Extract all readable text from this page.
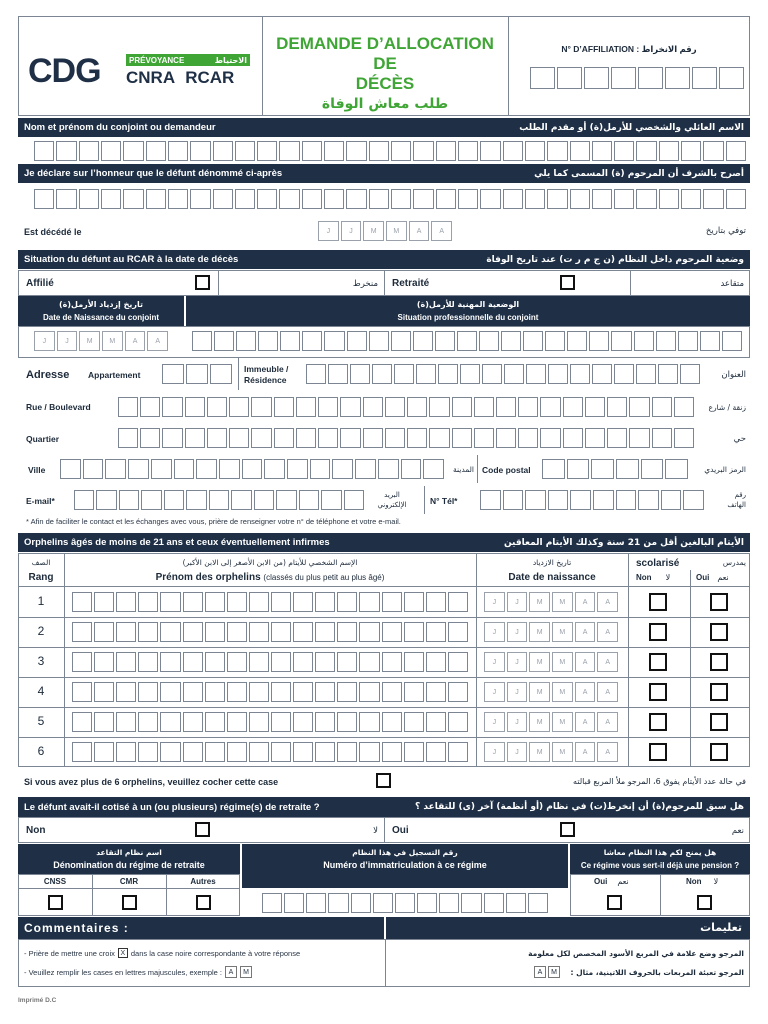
CDG	PRÉVOYANCE	الاحتياط
CNRA RCAR
DEMANDE D’ALLOCATION DE
DÉCÈS
طلب معاش الوفاة
N° D’AFFILIATION : رقم الانخراط
Nom et prénom du conjoint ou demandeur	الاسم العائلي والشخصي للأرمل(ة) أو مقدم الطلب
Je déclare sur l’honneur que le défunt dénommé ci-après	أصرح بالشرف أن المرحوم (ة) المسمى كما يلي
Est décédé le	J	J	M	M	A	A	توفي بتاريخ
Situation du défunt au RCAR à la date de décès	وضعية المرحوم داخل النظام (ن ج م ر ت) عند تاريخ الوفاة
Affilié	منخرط Retraité	متقاعد
تاريخ إزدياد الأرمل(ة)
Date de Naissance du conjoint
الوضعية المهنية للأرمل(ة)
Situation professionnelle du conjoint
J	J	M	M	A	A
Adresse Appartement
Immeuble /
Résidence	العنوان
Rue / Boulevard	زنقة / شارع
Quartier	حي
Ville	المدينة Code postal	الرمز البريدي
E-mail*
البريد
الإلكتروني	N° Tél*
رقم
الهاتف
* Afin de faciliter le contact et les échanges avec vous, prière de renseigner votre n° de téléphone et votre e-mail.
Orphelins âgés de moins de 21 ans et ceux éventuellement infirmes	الأيتام البالغين أقل من 21 سنة وكذلك الأيتام المعاقين
الصف
Rang
الإسم الشخصي للأيتام (من الابن الأصغر إلى الابن الأكبر)
Prénom des orphelins (classés du plus petit au plus âgé)
تاريخ الازدياد
Date de naissance
scolarisé	يمدرس
Non لا	Oui نعم
1	J	J	M	M	A	A
2	J	J	M	M	A	A
3	J	J	M	M	A	A
4	J	J	M	M	A	A
5	J	J	M	M	A	A
6	J	J	M	M	A	A
Si vous avez plus de 6 orphelins, veuillez cocher cette case	في حالة عدد الأيتام يفوق 6، المرجو ملأ المربع قبالته
Le défunt avait-il cotisé à un (ou plusieurs) régime(s) de retraite ?	هل سبق للمرحوم(ة) أن إنخرط(ت) في نظام (أو أنظمة) آخر (ى) للتقاعد ؟
Non	لا Oui	نعم
اسم نظام التقاعد
Dénomination du régime de retraite
رقم التسجيل في هذا النظام
Numéro d’immatriculation à ce régime
هل يمنح لكم هذا النظام معاشا
Ce régime vous sert-il déjà une pension ?
CNSS	CMR	Autres	Oui نعم	Non لا
Commentaires :	تعليمات
- Prière de mettre une croix X dans la case noire correspondante à votre réponse
- Veuillez remplir les cases en lettres majuscules, exemple : A	M
المرجو وضع علامة في المربع الأسود المخصص لكل معلومة
A	M	المرجو تعبئة المربعات بالحروف اللاتينية، مثال :
Imprimé D.C
